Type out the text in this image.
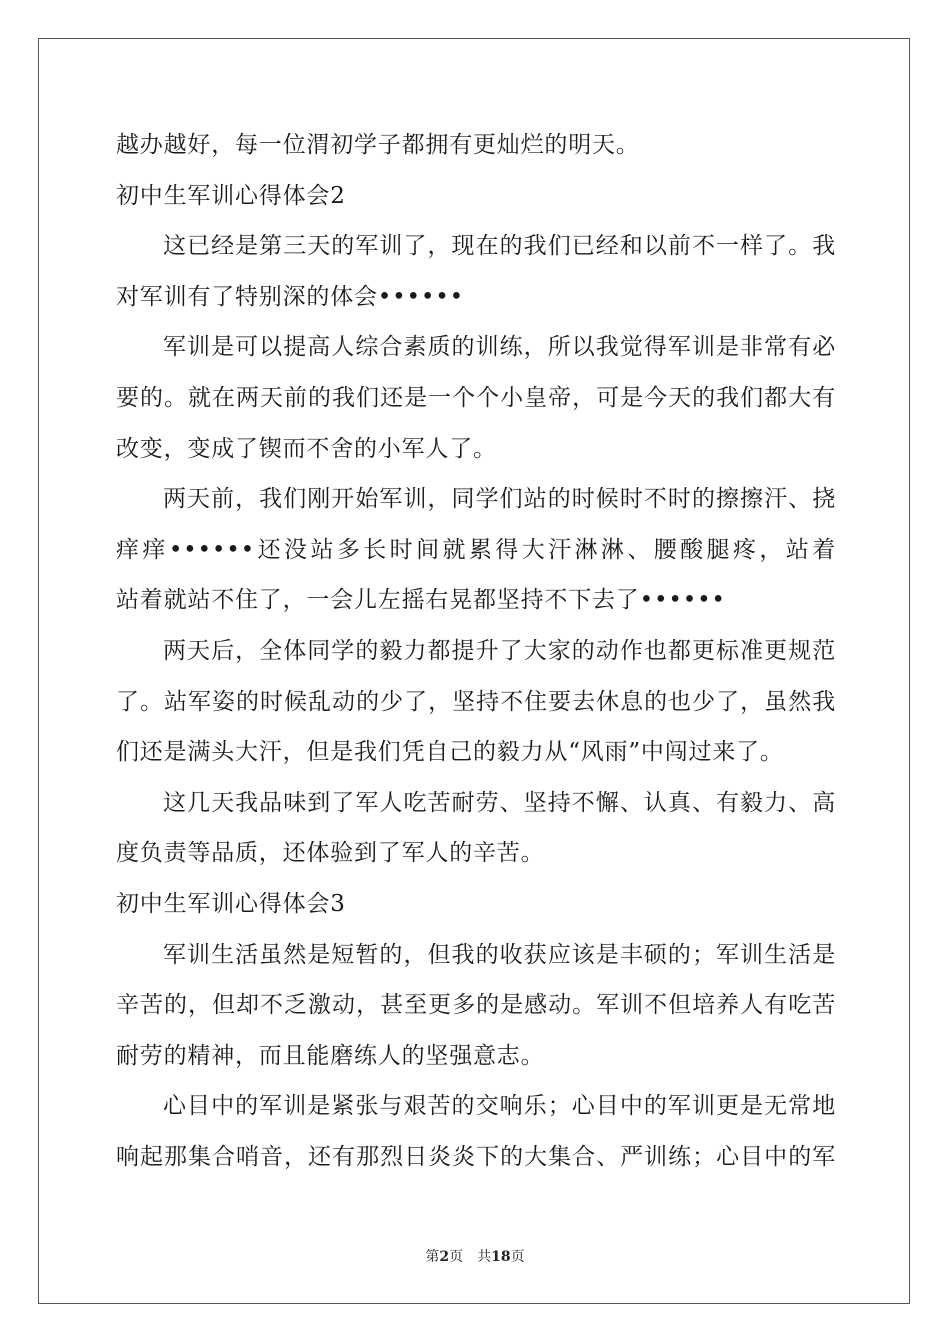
越办越好，每一位渭初学子都拥有更灿烂的明天。
初中生军训心得体会2
这已经是第三天的军训了，现在的我们已经和以前不一样了。我
对军训有了特别深的体会••••••
军训是可以提高人综合素质的训练，所以我觉得军训是非常有必
要的。就在两天前的我们还是一个个小皇帝，可是今天的我们都大有
改变，变成了锲而不舍的小军人了。
两天前，我们刚开始军训，同学们站的时候时不时的擦擦汗、挠
痒痒••••••还没站多长时间就累得大汗淋淋、腰酸腿疼，站着
站着就站不住了，一会儿左摇右晃都坚持不下去了••••••
两天后，全体同学的毅力都提升了大家的动作也都更标准更规范
了。站军姿的时候乱动的少了，坚持不住要去休息的也少了，虽然我
们还是满头大汗，但是我们凭自己的毅力从“风雨”中闯过来了。
这几天我品味到了军人吃苦耐劳、坚持不懈、认真、有毅力、高
度负责等品质，还体验到了军人的辛苦。
初中生军训心得体会3
军训生活虽然是短暂的，但我的收获应该是丰硕的；军训生活是
辛苦的，但却不乏激动，甚至更多的是感动。军训不但培养人有吃苦
耐劳的精神，而且能磨练人的坚强意志。
心目中的军训是紧张与艰苦的交响乐；心目中的军训更是无常地
响起那集合哨音，还有那烈日炎炎下的大集合、严训练；心目中的军
第2页 共18页
